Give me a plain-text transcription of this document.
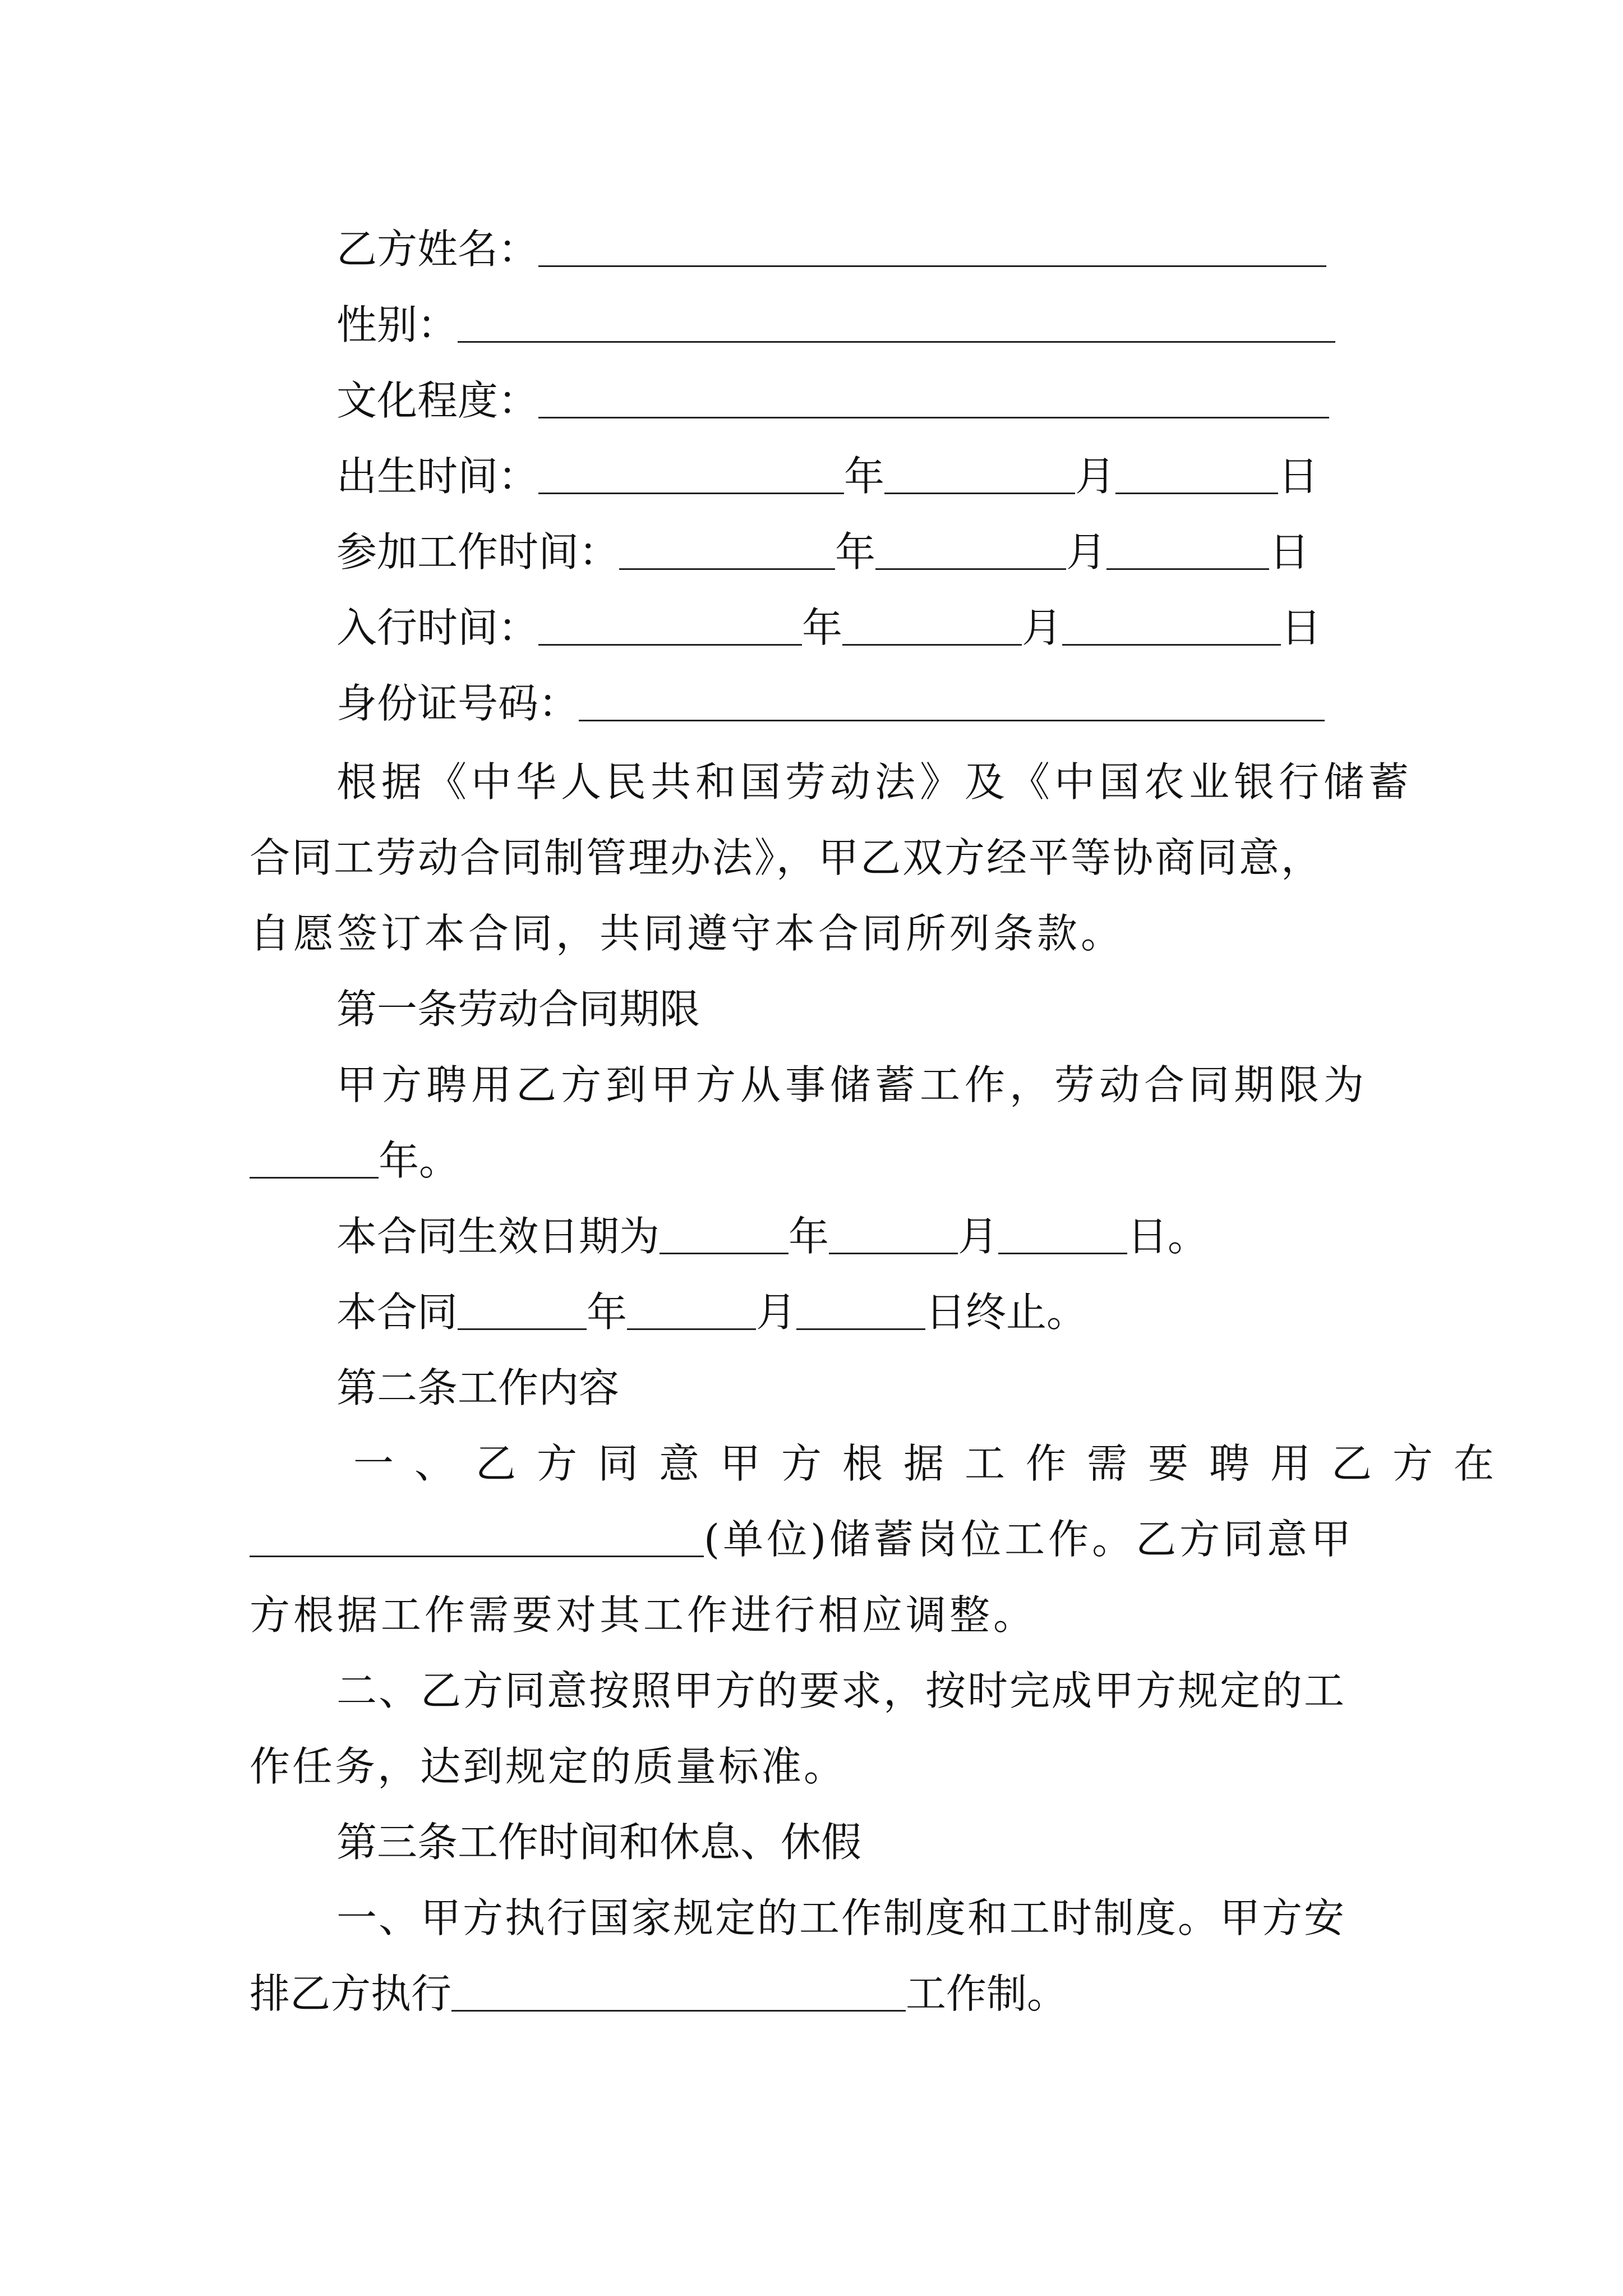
乙方姓名：
性别：
文化程度：
出生时间：	年	月	日
参加工作时间：	年	月	日
入行时间：	年	月	日
身份证号码：
根据《中华人民共和国劳动法》及《中国农业银行储蓄
合同工劳动合同制管理办法》，甲乙双方经平等协商同意，
自愿签订本合同，共同遵守本合同所列条款。
第一条劳动合同期限
甲方聘用乙方到甲方从事储蓄工作，劳动合同期限为
年。
本合同生效日期为	年	月	日。
本合同	年	月	日终止。
第二条工作内容
一、乙方同意甲方根据工作需要聘用乙方在
(单位)储蓄岗位工作。乙方同意甲
方根据工作需要对其工作进行相应调整。
二、乙方同意按照甲方的要求，按时完成甲方规定的工
作任务，达到规定的质量标准。
第三条工作时间和休息、休假
一、甲方执行国家规定的工作制度和工时制度。甲方安
排乙方执行	工作制。
